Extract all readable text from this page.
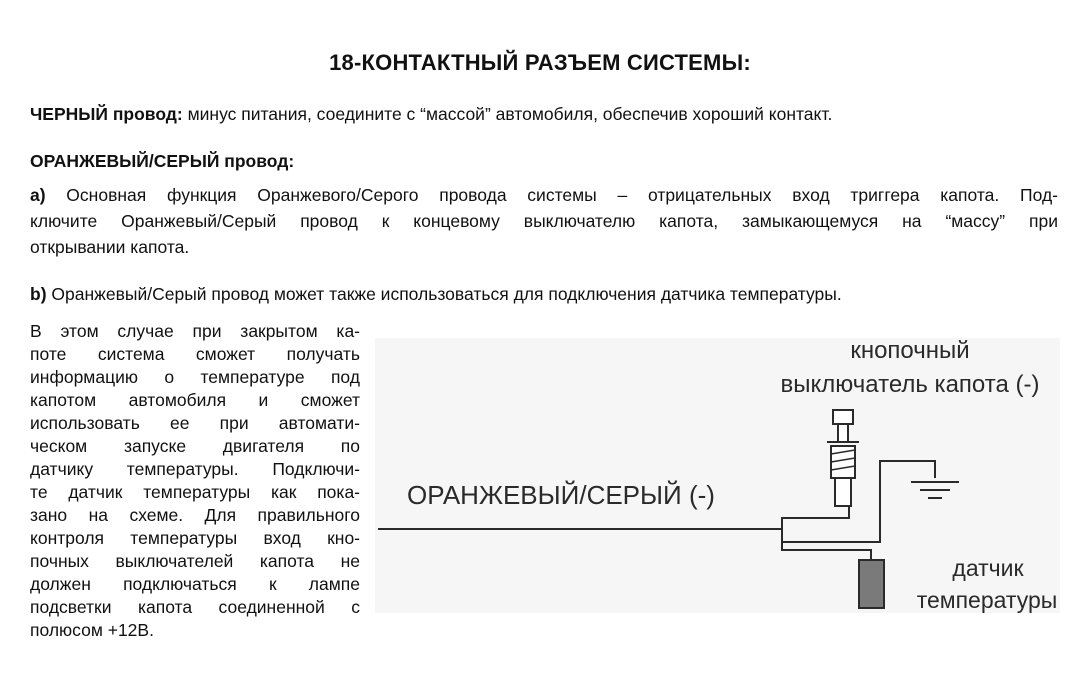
18-КОНТАКТНЫЙ РАЗЪЕМ СИСТЕМЫ:
ЧЕРНЫЙ провод: минус питания, соедините с “массой” автомобиля, обеспечив хороший контакт.
ОРАНЖЕВЫЙ/СЕРЫЙ провод:
a) Основная функция Оранжевого/Серого провода системы – отрицательных вход триггера капота. Под-
ключите Оранжевый/Серый провод к концевому выключателю капота, замыкающемуся на “массу” при
открывании капота.
b) Оранжевый/Серый провод может также использоваться для подключения датчика температуры.
В этом случае при закрытом ка-
поте система сможет получать
информацию о температуре под
капотом автомобиля и сможет
использовать ее при автомати-
ческом запуске двигателя по
датчику температуры. Подключи-
те датчик температуры как пока-
зано на схеме. Для правильного
контроля температуры вход кно-
почных выключателей капота не
должен подключаться к лампе
подсветки капота соединенной с
полюсом +12В.
кнопочный
выключатель капота (-)
ОРАНЖЕВЫЙ/СЕРЫЙ (-)
датчик
температуры
